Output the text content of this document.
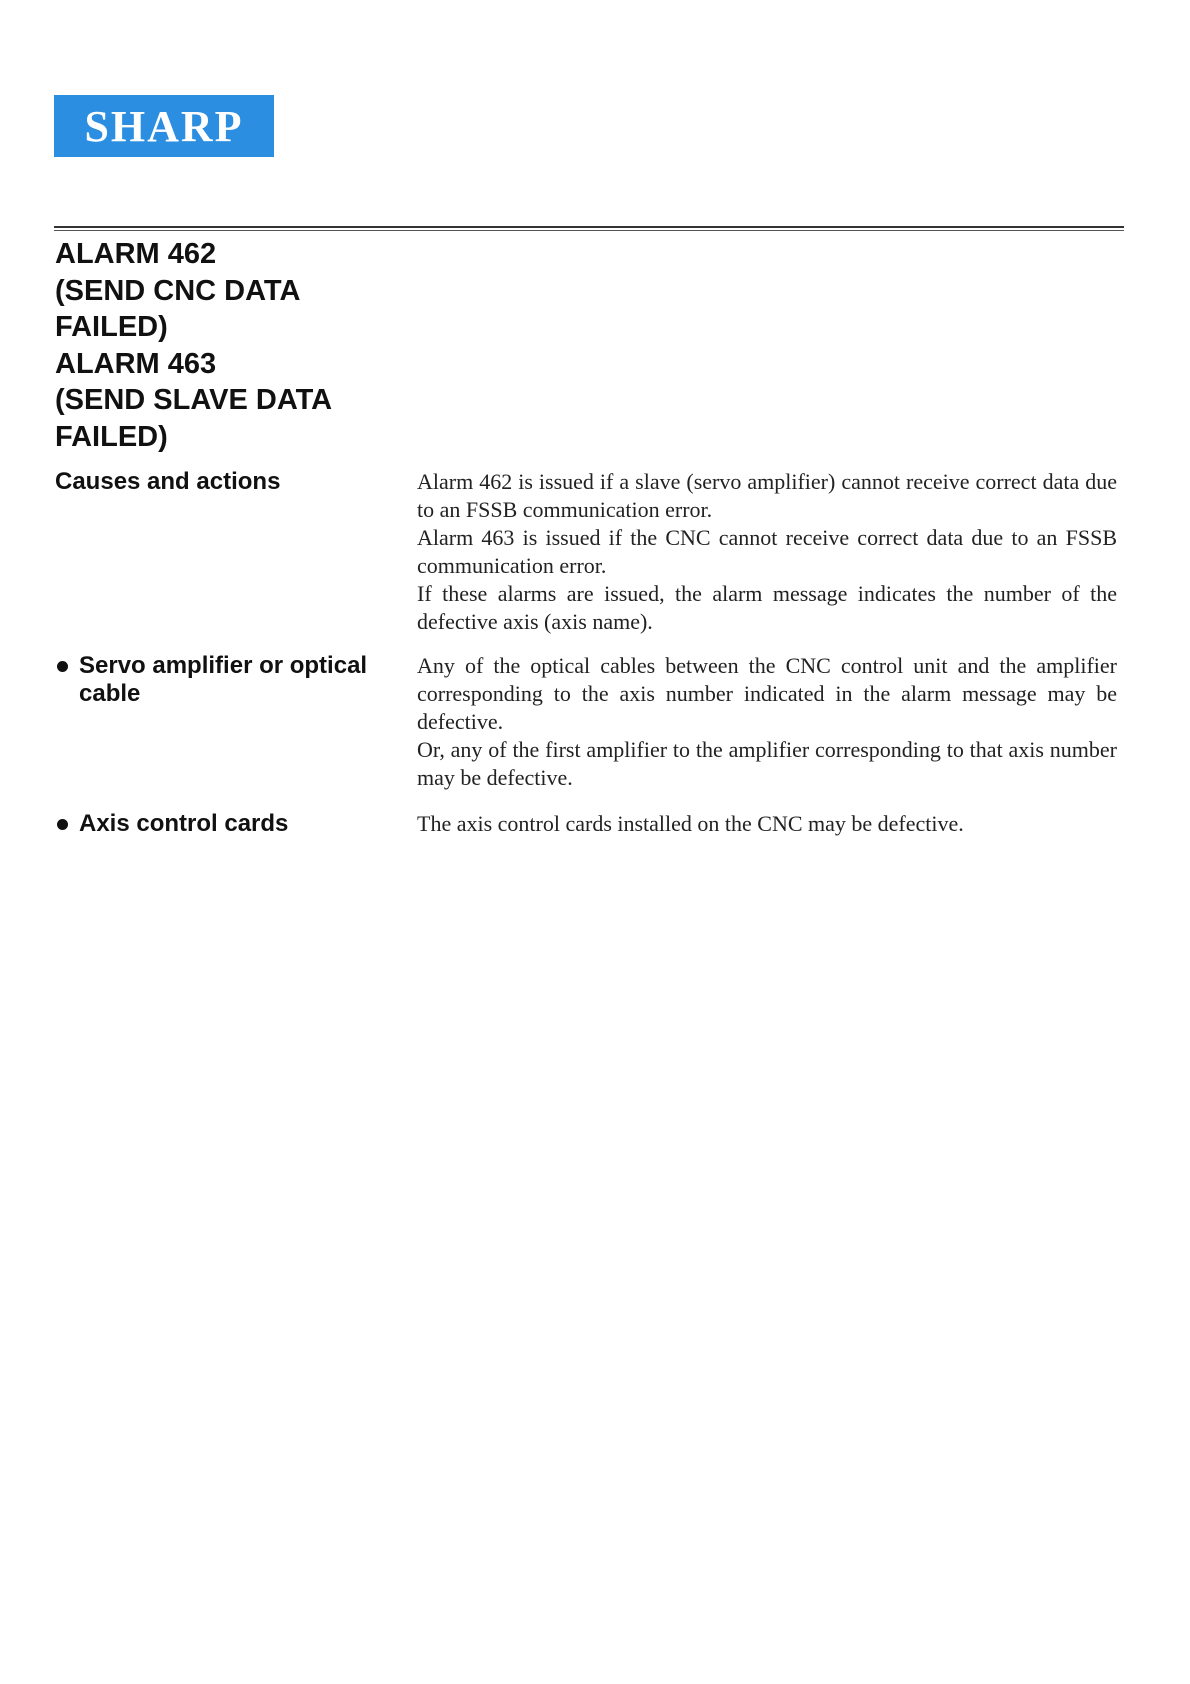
SHARP
ALARM 462
(SEND CNC DATA
FAILED)
ALARM 463
(SEND SLAVE DATA
FAILED)
Causes and actions	Alarm 462 is issued if a slave (servo amplifier) cannot receive correct data due to an FSSB communication error.

Alarm 463 is issued if the CNC cannot receive correct data due to an FSSB communication error.

If these alarms are issued, the alarm message indicates the number of the defective axis (axis name).

Servo amplifier or optical cable

Any of the optical cables between the CNC control unit and the amplifier corresponding to the axis number indicated in the alarm message may be defective.

Or, any of the first amplifier to the amplifier corresponding to that axis number may be defective.

Axis control cards	The axis control cards installed on the CNC may be defective.
